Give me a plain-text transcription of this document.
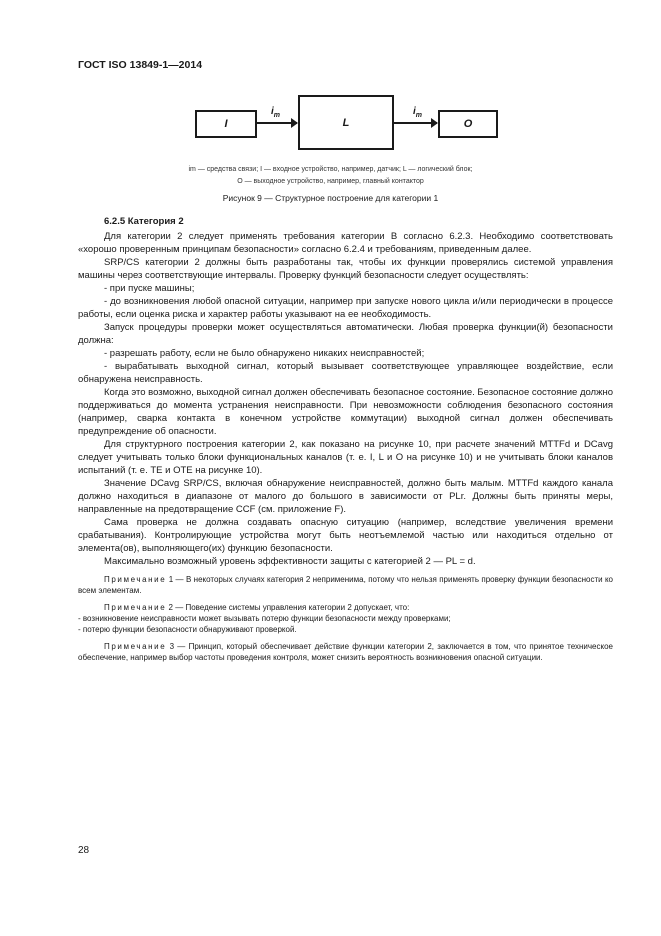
ГОСТ ISO 13849-1—2014
I
$i_m$
L
$i_m$
O
im — средства связи; I — входное устройство, например, датчик; L — логический блок;
O — выходное устройство, например, главный контактор
Рисунок 9 — Структурное построение для категории 1
6.2.5 Категория 2

Для категории 2 следует применять требования категории В согласно 6.2.3. Необходимо соответствовать «хорошо проверенным принципам безопасности» согласно 6.2.4 и требованиям, приведенным далее.

SRP/CS категории 2 должны быть разработаны так, чтобы их функции проверялись системой управления машины через соответствующие интервалы. Проверку функций безопасности следует осуществлять:

- при пуске машины;

- до возникновения любой опасной ситуации, например при запуске нового цикла и/или периодически в процессе работы, если оценка риска и характер работы указывают на ее необходимость.

Запуск процедуры проверки может осуществляться автоматически. Любая проверка функции(й) безопасности должна:

- разрешать работу, если не было обнаружено никаких неисправностей;

- вырабатывать выходной сигнал, который вызывает соответствующее управляющее воздействие, если обнаружена неисправность.

Когда это возможно, выходной сигнал должен обеспечивать безопасное состояние. Безопасное состояние должно поддерживаться до момента устранения неисправности. При невозможности соблюдения безопасного состояния (например, сварка контакта в конечном устройстве коммутации) выходной сигнал должен обеспечивать предупреждение об опасности.

Для структурного построения категории 2, как показано на рисунке 10, при расчете значений MTTFd и DCavg следует учитывать только блоки функциональных каналов (т. е. I, L и O на рисунке 10) и не учитывать блоки каналов испытаний (т. е. TE и OTE на рисунке 10).

Значение DCavg SRP/CS, включая обнаружение неисправностей, должно быть малым. MTTFd каждого канала должно находиться в диапазоне от малого до большого в зависимости от PLr. Должны быть приняты меры, направленные на предотвращение CCF (см. приложение F).

Сама проверка не должна создавать опасную ситуацию (например, вследствие увеличения времени срабатывания). Контролирующие устройства могут быть неотъемлемой частью или находиться отдельно от элемента(ов), выполняющего(их) функцию безопасности.

Максимально возможный уровень эффективности защиты с категорией 2 — PL = d.

Примечание 1 — В некоторых случаях категория 2 неприменима, потому что нельзя применять проверку функции безопасности ко всем элементам.

Примечание 2 — Поведение системы управления категории 2 допускает, что:

- возникновение неисправности может вызывать потерю функции безопасности между проверками;

- потерю функции безопасности обнаруживают проверкой.

Примечание 3 — Принцип, который обеспечивает действие функции категории 2, заключается в том, что принятое техническое обеспечение, например выбор частоты проведения контроля, может снизить вероятность возникновения опасной ситуации.

28
